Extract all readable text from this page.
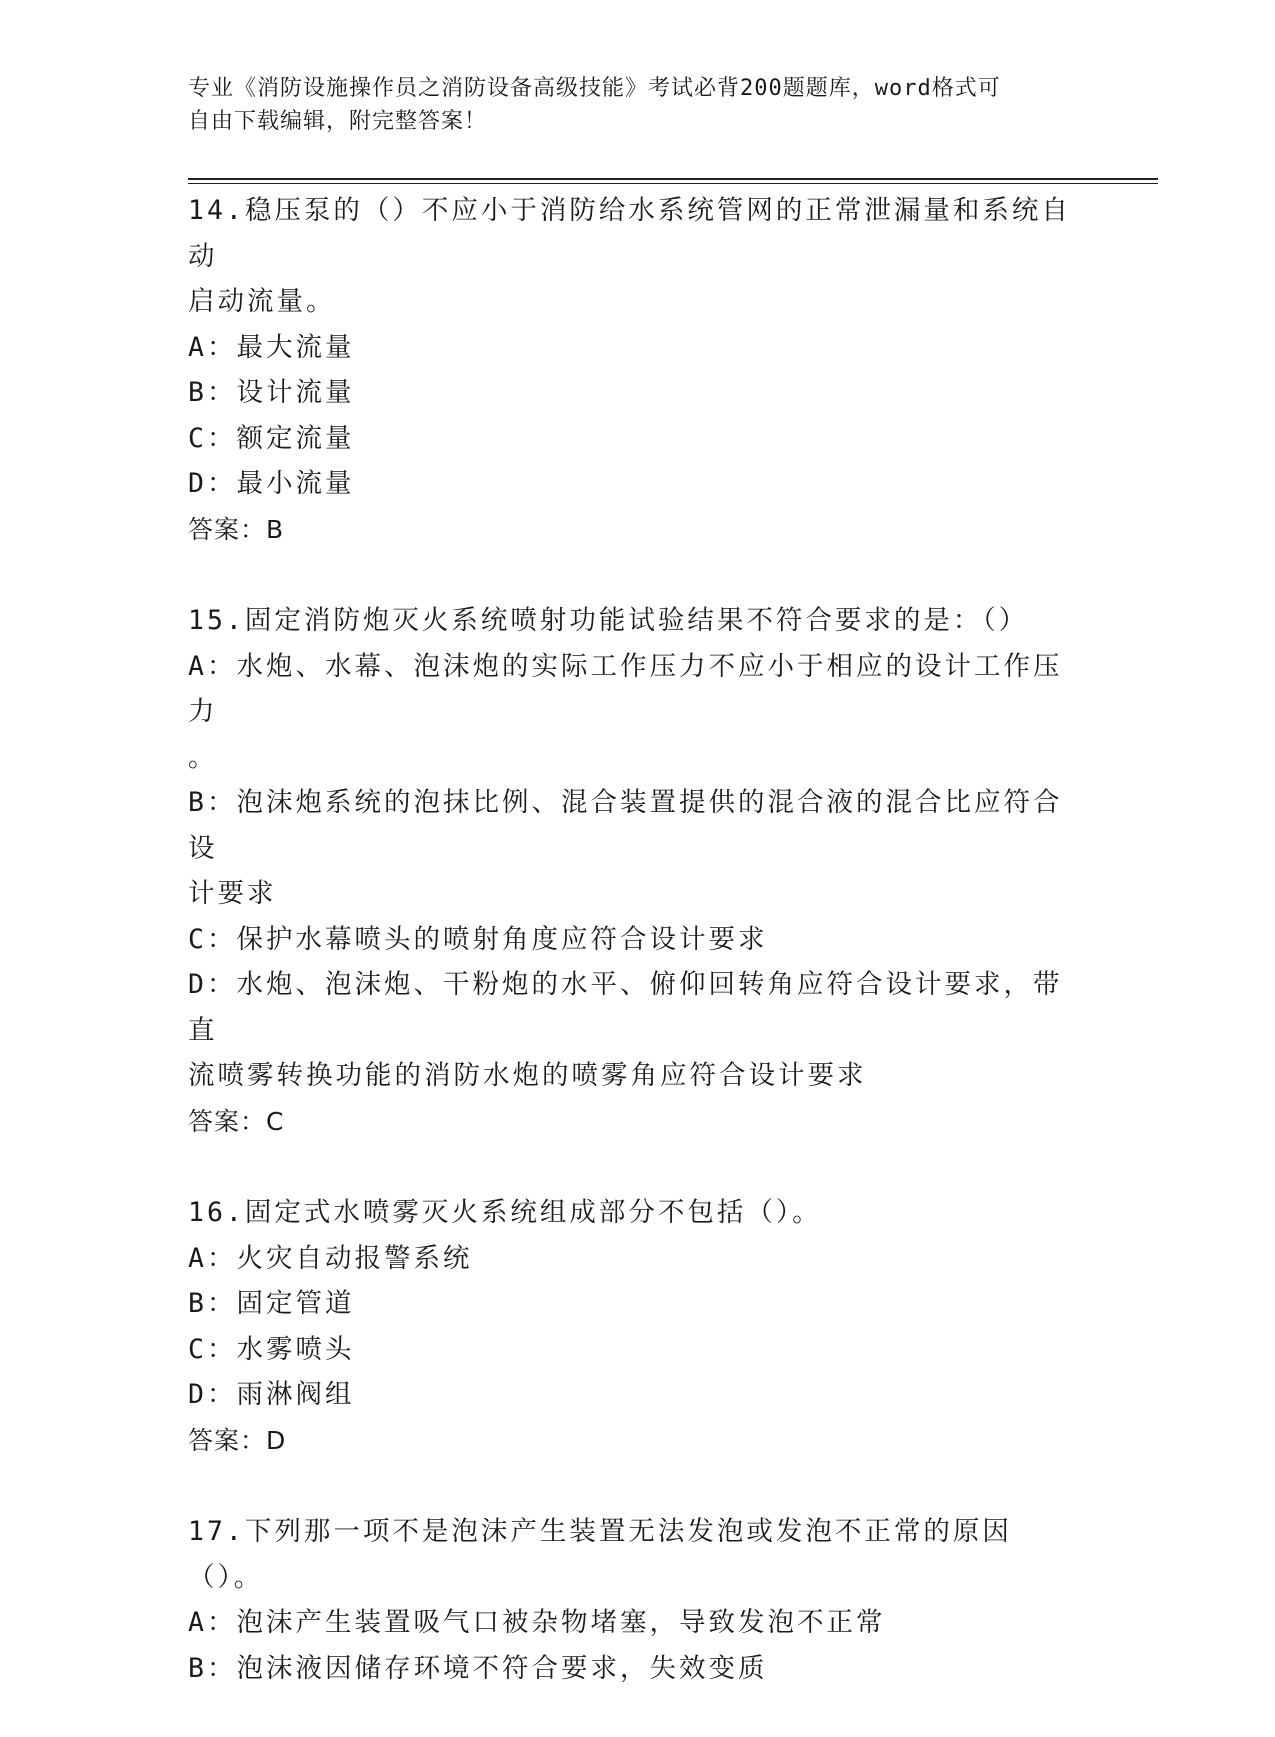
专业《消防设施操作员之消防设备高级技能》考试必背200题题库，word格式可

自由下载编辑，附完整答案！

14.稳压泵的（）不应小于消防给水系统管网的正常泄漏量和系统自动

启动流量。

A：最大流量

B：设计流量

C：额定流量

D：最小流量

答案：B

15.固定消防炮灭火系统喷射功能试验结果不符合要求的是：（）

A：水炮、水幕、泡沫炮的实际工作压力不应小于相应的设计工作压力

。

B：泡沫炮系统的泡抹比例、混合装置提供的混合液的混合比应符合设

计要求

C：保护水幕喷头的喷射角度应符合设计要求

D：水炮、泡沫炮、干粉炮的水平、俯仰回转角应符合设计要求，带直

流喷雾转换功能的消防水炮的喷雾角应符合设计要求

答案：C

16.固定式水喷雾灭火系统组成部分不包括（）。

A：火灾自动报警系统

B：固定管道

C：水雾喷头

D：雨淋阀组

答案：D

17.下列那一项不是泡沫产生装置无法发泡或发泡不正常的原因（）。

A：泡沫产生装置吸气口被杂物堵塞，导致发泡不正常

B：泡沫液因储存环境不符合要求，失效变质
